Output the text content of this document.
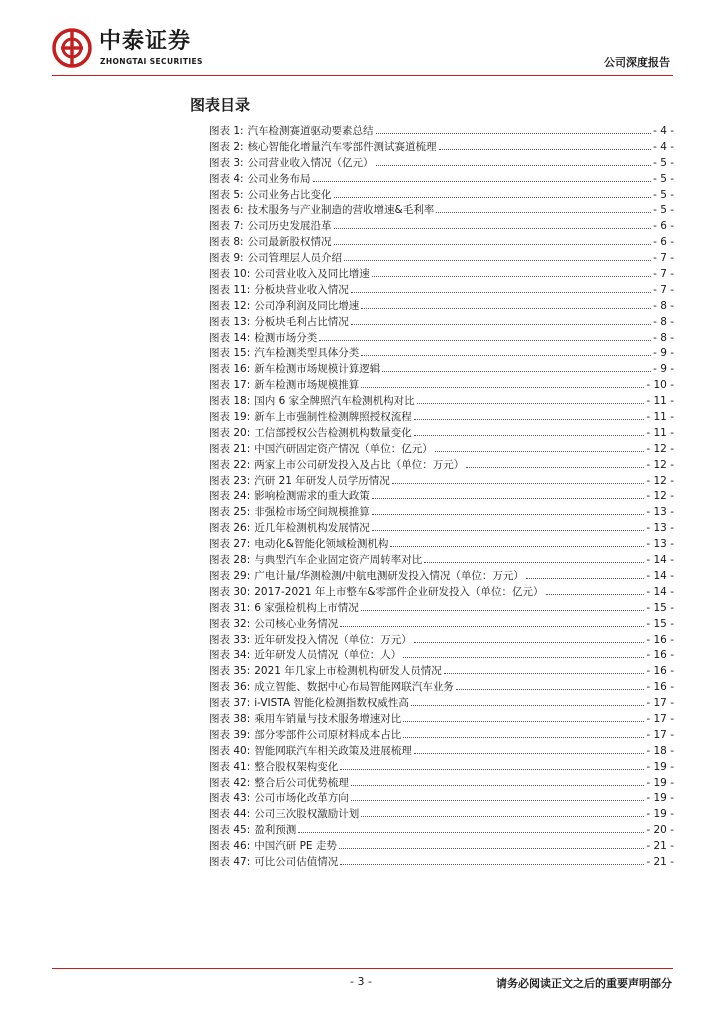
中泰证券
ZHONGTAI SECURITIES	公司深度报告
图表目录
图表 1: 汽车检测赛道驱动要素总结	- 4 -
图表 2: 核心智能化增量汽车零部件测试赛道梳理	- 4 -
图表 3: 公司营业收入情况（亿元）	- 5 -
图表 4: 公司业务布局	- 5 -
图表 5: 公司业务占比变化	- 5 -
图表 6: 技术服务与产业制造的营收增速&毛利率	- 5 -
图表 7: 公司历史发展沿革	- 6 -
图表 8: 公司最新股权情况	- 6 -
图表 9: 公司管理层人员介绍	- 7 -
图表 10: 公司营业收入及同比增速	- 7 -
图表 11: 分板块营业收入情况	- 7 -
图表 12: 公司净利润及同比增速	- 8 -
图表 13: 分板块毛利占比情况	- 8 -
图表 14: 检测市场分类	- 8 -
图表 15: 汽车检测类型具体分类	- 9 -
图表 16: 新车检测市场规模计算逻辑	- 9 -
图表 17: 新车检测市场规模推算	- 10 -
图表 18: 国内 6 家全牌照汽车检测机构对比	- 11 -
图表 19: 新车上市强制性检测牌照授权流程	- 11 -
图表 20: 工信部授权公告检测机构数量变化	- 11 -
图表 21: 中国汽研固定资产情况（单位：亿元）	- 12 -
图表 22: 两家上市公司研发投入及占比（单位：万元）	- 12 -
图表 23: 汽研 21 年研发人员学历情况	- 12 -
图表 24: 影响检测需求的重大政策	- 12 -
图表 25: 非强检市场空间规模推算	- 13 -
图表 26: 近几年检测机构发展情况	- 13 -
图表 27: 电动化&智能化领域检测机构	- 13 -
图表 28: 与典型汽车企业固定资产周转率对比	- 14 -
图表 29: 广电计量/华测检测/中航电测研发投入情况（单位：万元）	- 14 -
图表 30: 2017-2021 年上市整车&零部件企业研发投入（单位：亿元）	- 14 -
图表 31: 6 家强检机构上市情况	- 15 -
图表 32: 公司核心业务情况	- 15 -
图表 33: 近年研发投入情况（单位：万元）	- 16 -
图表 34: 近年研发人员情况（单位：人）	- 16 -
图表 35: 2021 年几家上市检测机构研发人员情况	- 16 -
图表 36: 成立智能、数据中心布局智能网联汽车业务	- 16 -
图表 37: i-VISTA 智能化检测指数权威性高	- 17 -
图表 38: 乘用车销量与技术服务增速对比	- 17 -
图表 39: 部分零部件公司原材料成本占比	- 17 -
图表 40: 智能网联汽车相关政策及进展梳理	- 18 -
图表 41: 整合股权架构变化	- 19 -
图表 42: 整合后公司优势梳理	- 19 -
图表 43: 公司市场化改革方向	- 19 -
图表 44: 公司三次股权激励计划	- 19 -
图表 45: 盈利预测	- 20 -
图表 46: 中国汽研 PE 走势	- 21 -
图表 47: 可比公司估值情况	- 21 -
- 3 -	请务必阅读正文之后的重要声明部分
